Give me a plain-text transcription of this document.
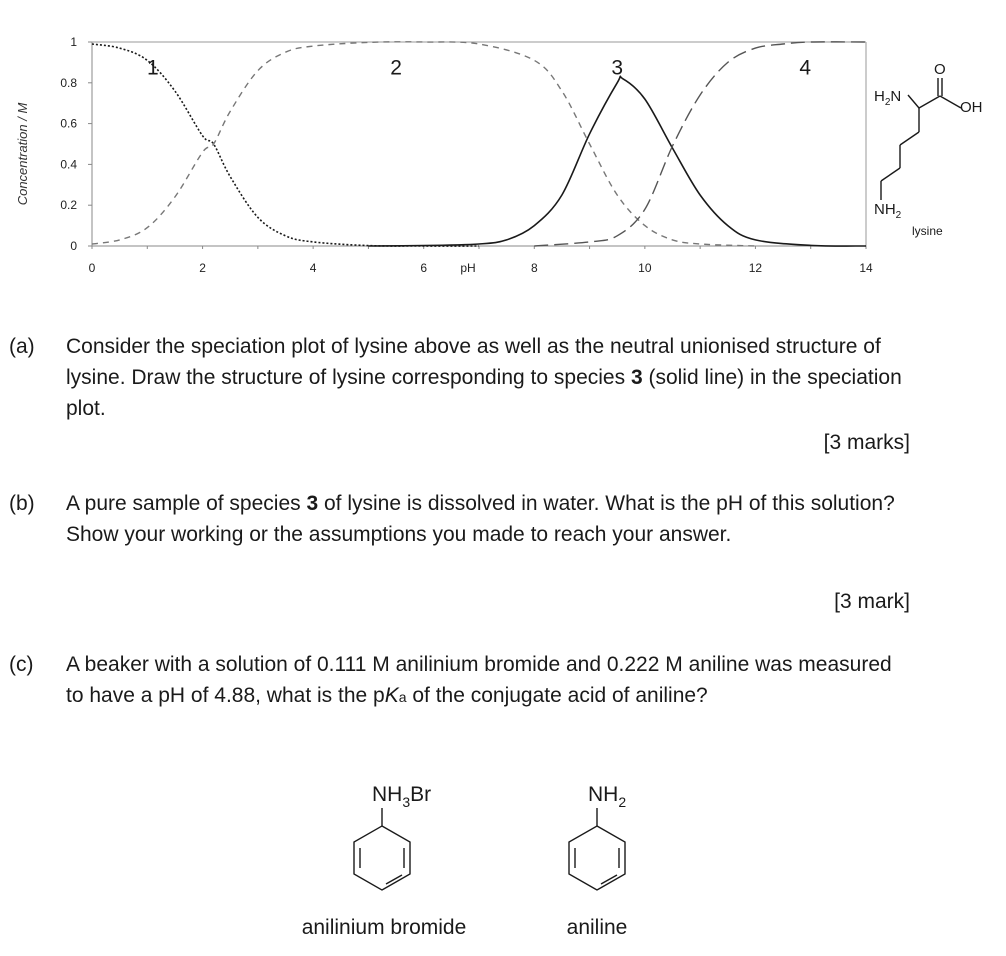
Concentration / M
0	2	4	6	8	10	12	14
pH
0
0.2
0.4
0.6
0.8
1
1	2	3	4
$H_2N$
O
OH
$NH_2$
lysine
$NH_3Br$
anilinium bromide
$NH_2$
aniline
(a) Consider the speciation plot of lysine above as well as the neutral unionised structure of lysine. Draw the structure of lysine corresponding to species 3 (solid line) in the speciation plot.
[3 marks]
(b) A pure sample of species 3 of lysine is dissolved in water. What is the pH of this solution? Show your working or the assumptions you made to reach your answer.
[3 mark]
(c) A beaker with a solution of 0.111 M anilinium bromide and 0.222 M aniline was measured to have a pH of 4.88, what is the pKa of the conjugate acid of aniline?
